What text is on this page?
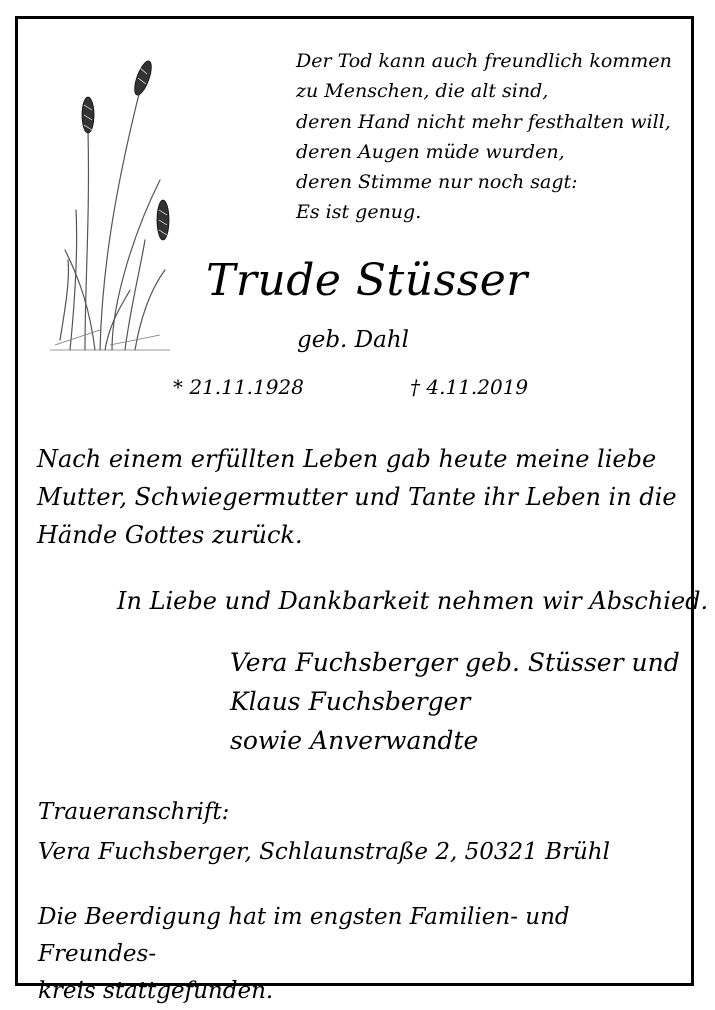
Der Tod kann auch freundlich kommen
zu Menschen, die alt sind,
deren Hand nicht mehr festhalten will,
deren Augen müde wurden,
deren Stimme nur noch sagt:
Es ist genug.
Trude Stüsser
geb. Dahl
* 21.11.1928	† 4.11.2019
Nach einem erfüllten Leben gab heute meine liebe
Mutter, Schwiegermutter und Tante ihr Leben in die
Hände Gottes zurück.
In Liebe und Dankbarkeit nehmen wir Abschied.
Vera Fuchsberger geb. Stüsser und
Klaus Fuchsberger
sowie Anverwandte
Traueranschrift:
Vera Fuchsberger, Schlaunstraße 2, 50321 Brühl
Die Beerdigung hat im engsten Familien- und Freundes-
kreis stattgefunden.
